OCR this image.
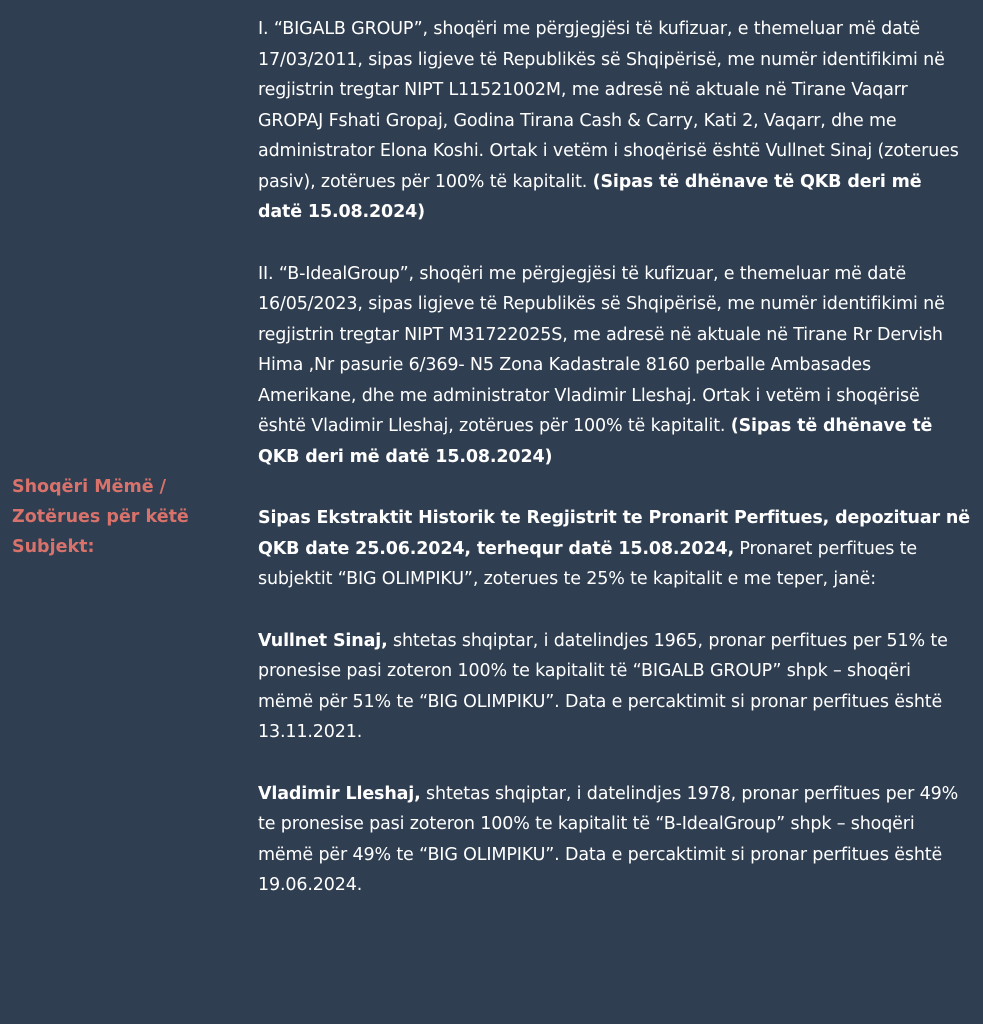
Shoqëri Mëmë /
Zotërues për këtë
Subjekt:

I. “BIGALB GROUP”, shoqëri me përgjegjësi të kufizuar, e themeluar më datë 17/03/2011, sipas ligjeve të Republikës së Shqipërisë, me numër identifikimi në regjistrin tregtar NIPT L11521002M, me adresë në aktuale në Tirane Vaqarr GROPAJ Fshati Gropaj, Godina Tirana Cash & Carry, Kati 2, Vaqarr, dhe me administrator Elona Koshi. Ortak i vetëm i shoqërisë është Vullnet Sinaj (zoterues pasiv), zotërues për 100% të kapitalit. (Sipas të dhënave të QKB deri më datë 15.08.2024)

II. “B-IdealGroup”, shoqëri me përgjegjësi të kufizuar, e themeluar më datë 16/05/2023, sipas ligjeve të Republikës së Shqipërisë, me numër identifikimi në regjistrin tregtar NIPT M31722025S, me adresë në aktuale në Tirane Rr Dervish Hima ,Nr pasurie 6/369- N5 Zona Kadastrale 8160 perballe Ambasades Amerikane, dhe me administrator Vladimir Lleshaj. Ortak i vetëm i shoqërisë është Vladimir Lleshaj, zotërues për 100% të kapitalit. (Sipas të dhënave të QKB deri më datë 15.08.2024)

Sipas Ekstraktit Historik te Regjistrit te Pronarit Perfitues, depozituar në QKB date 25.06.2024, terhequr datë 15.08.2024, Pronaret perfitues te subjektit “BIG OLIMPIKU”, zoterues te 25% te kapitalit e me teper, janë:

Vullnet Sinaj, shtetas shqiptar, i datelindjes 1965, pronar perfitues per 51% te pronesise pasi zoteron 100% te kapitalit të “BIGALB GROUP” shpk – shoqëri mëmë për 51% te “BIG OLIMPIKU”. Data e percaktimit si pronar perfitues është 13.11.2021.

Vladimir Lleshaj, shtetas shqiptar, i datelindjes 1978, pronar perfitues per 49% te pronesise pasi zoteron 100% te kapitalit të “B-IdealGroup” shpk – shoqëri mëmë për 49% te “BIG OLIMPIKU”. Data e percaktimit si pronar perfitues është 19.06.2024.
